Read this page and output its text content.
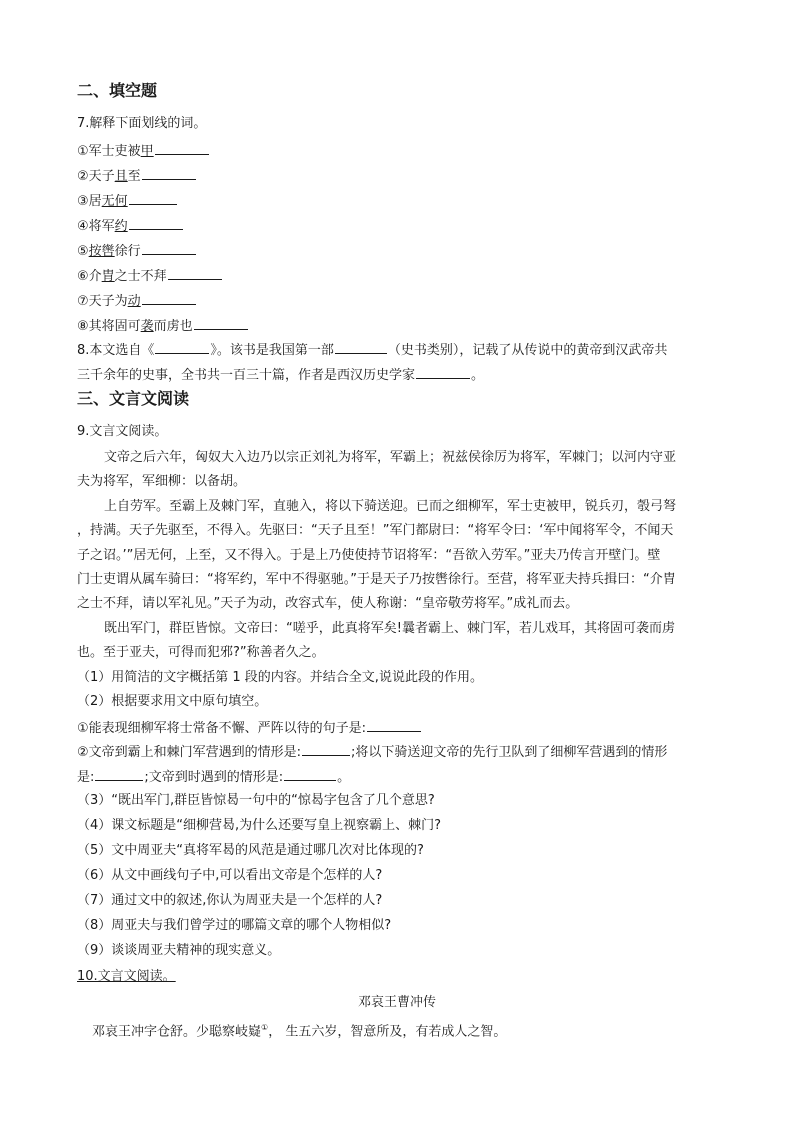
二、填空题
7.解释下面划线的词。
①军士吏被甲
②天子且至
③居无何
④将军约
⑤按辔徐行
⑥介胄之士不拜
⑦天子为动
⑧其将固可袭而虏也
8.本文选自《	》。该书是我国第一部	（史书类别），记载了从传说中的黄帝到汉武帝共
三千余年的史事，全书共一百三十篇，作者是西汉历史学家	。
三、文言文阅读
9.文言文阅读。
文帝之后六年，匈奴大入边乃以宗正刘礼为将军，军霸上；祝兹侯徐厉为将军，军棘门；以河内守亚
夫为将军，军细柳：以备胡。
上自劳军。至霸上及棘门军，直驰入，将以下骑送迎。已而之细柳军，军士吏被甲，锐兵刃，彀弓弩
，持满。天子先驱至，不得入。先驱曰：“天子且至！”军门都尉曰：“将军令曰：‘军中闻将军令，不闻天
子之诏。’”居无何，上至，又不得入。于是上乃使使持节诏将军：“吾欲入劳军。”亚夫乃传言开壁门。壁
门士吏谓从属车骑曰：“将军约，军中不得驱驰。”于是天子乃按辔徐行。至营，将军亚夫持兵揖曰：“介胄
之士不拜，请以军礼见。”天子为动，改容式车，使人称谢：“皇帝敬劳将军。”成礼而去。
既出军门，群臣皆惊。文帝曰：“嗟乎，此真将军矣!曩者霸上、棘门军，若儿戏耳，其将固可袭而虏
也。至于亚夫，可得而犯邪?”称善者久之。
（1）用简洁的文字概括第 1 段的内容。并结合全文,说说此段的作用。
（2）根据要求用文中原句填空。
①能表现细柳军将士常备不懈、严阵以待的句子是:
②文帝到霸上和棘门军营遇到的情形是:	;将以下骑送迎文帝的先行卫队到了细柳军营遇到的情形
是:	;文帝到时遇到的情形是:	。
（3）“既出军门,群臣皆惊曷一句中的“惊曷字包含了几个意思?
（4）课文标题是“细柳营曷,为什么还要写皇上视察霸上、棘门?
（5）文中周亚夫“真将军曷的风范是通过哪几次对比体现的?
（6）从文中画线句子中,可以看出文帝是个怎样的人?
（7）通过文中的叙述,你认为周亚夫是一个怎样的人?
（8）周亚夫与我们曾学过的哪篇文章的哪个人物相似?
（9）谈谈周亚夫精神的现实意义。
10.文言文阅读。
邓哀王曹冲传
邓哀王冲字仓舒。少聪察岐嶷①， 生五六岁，智意所及，有若成人之智。
